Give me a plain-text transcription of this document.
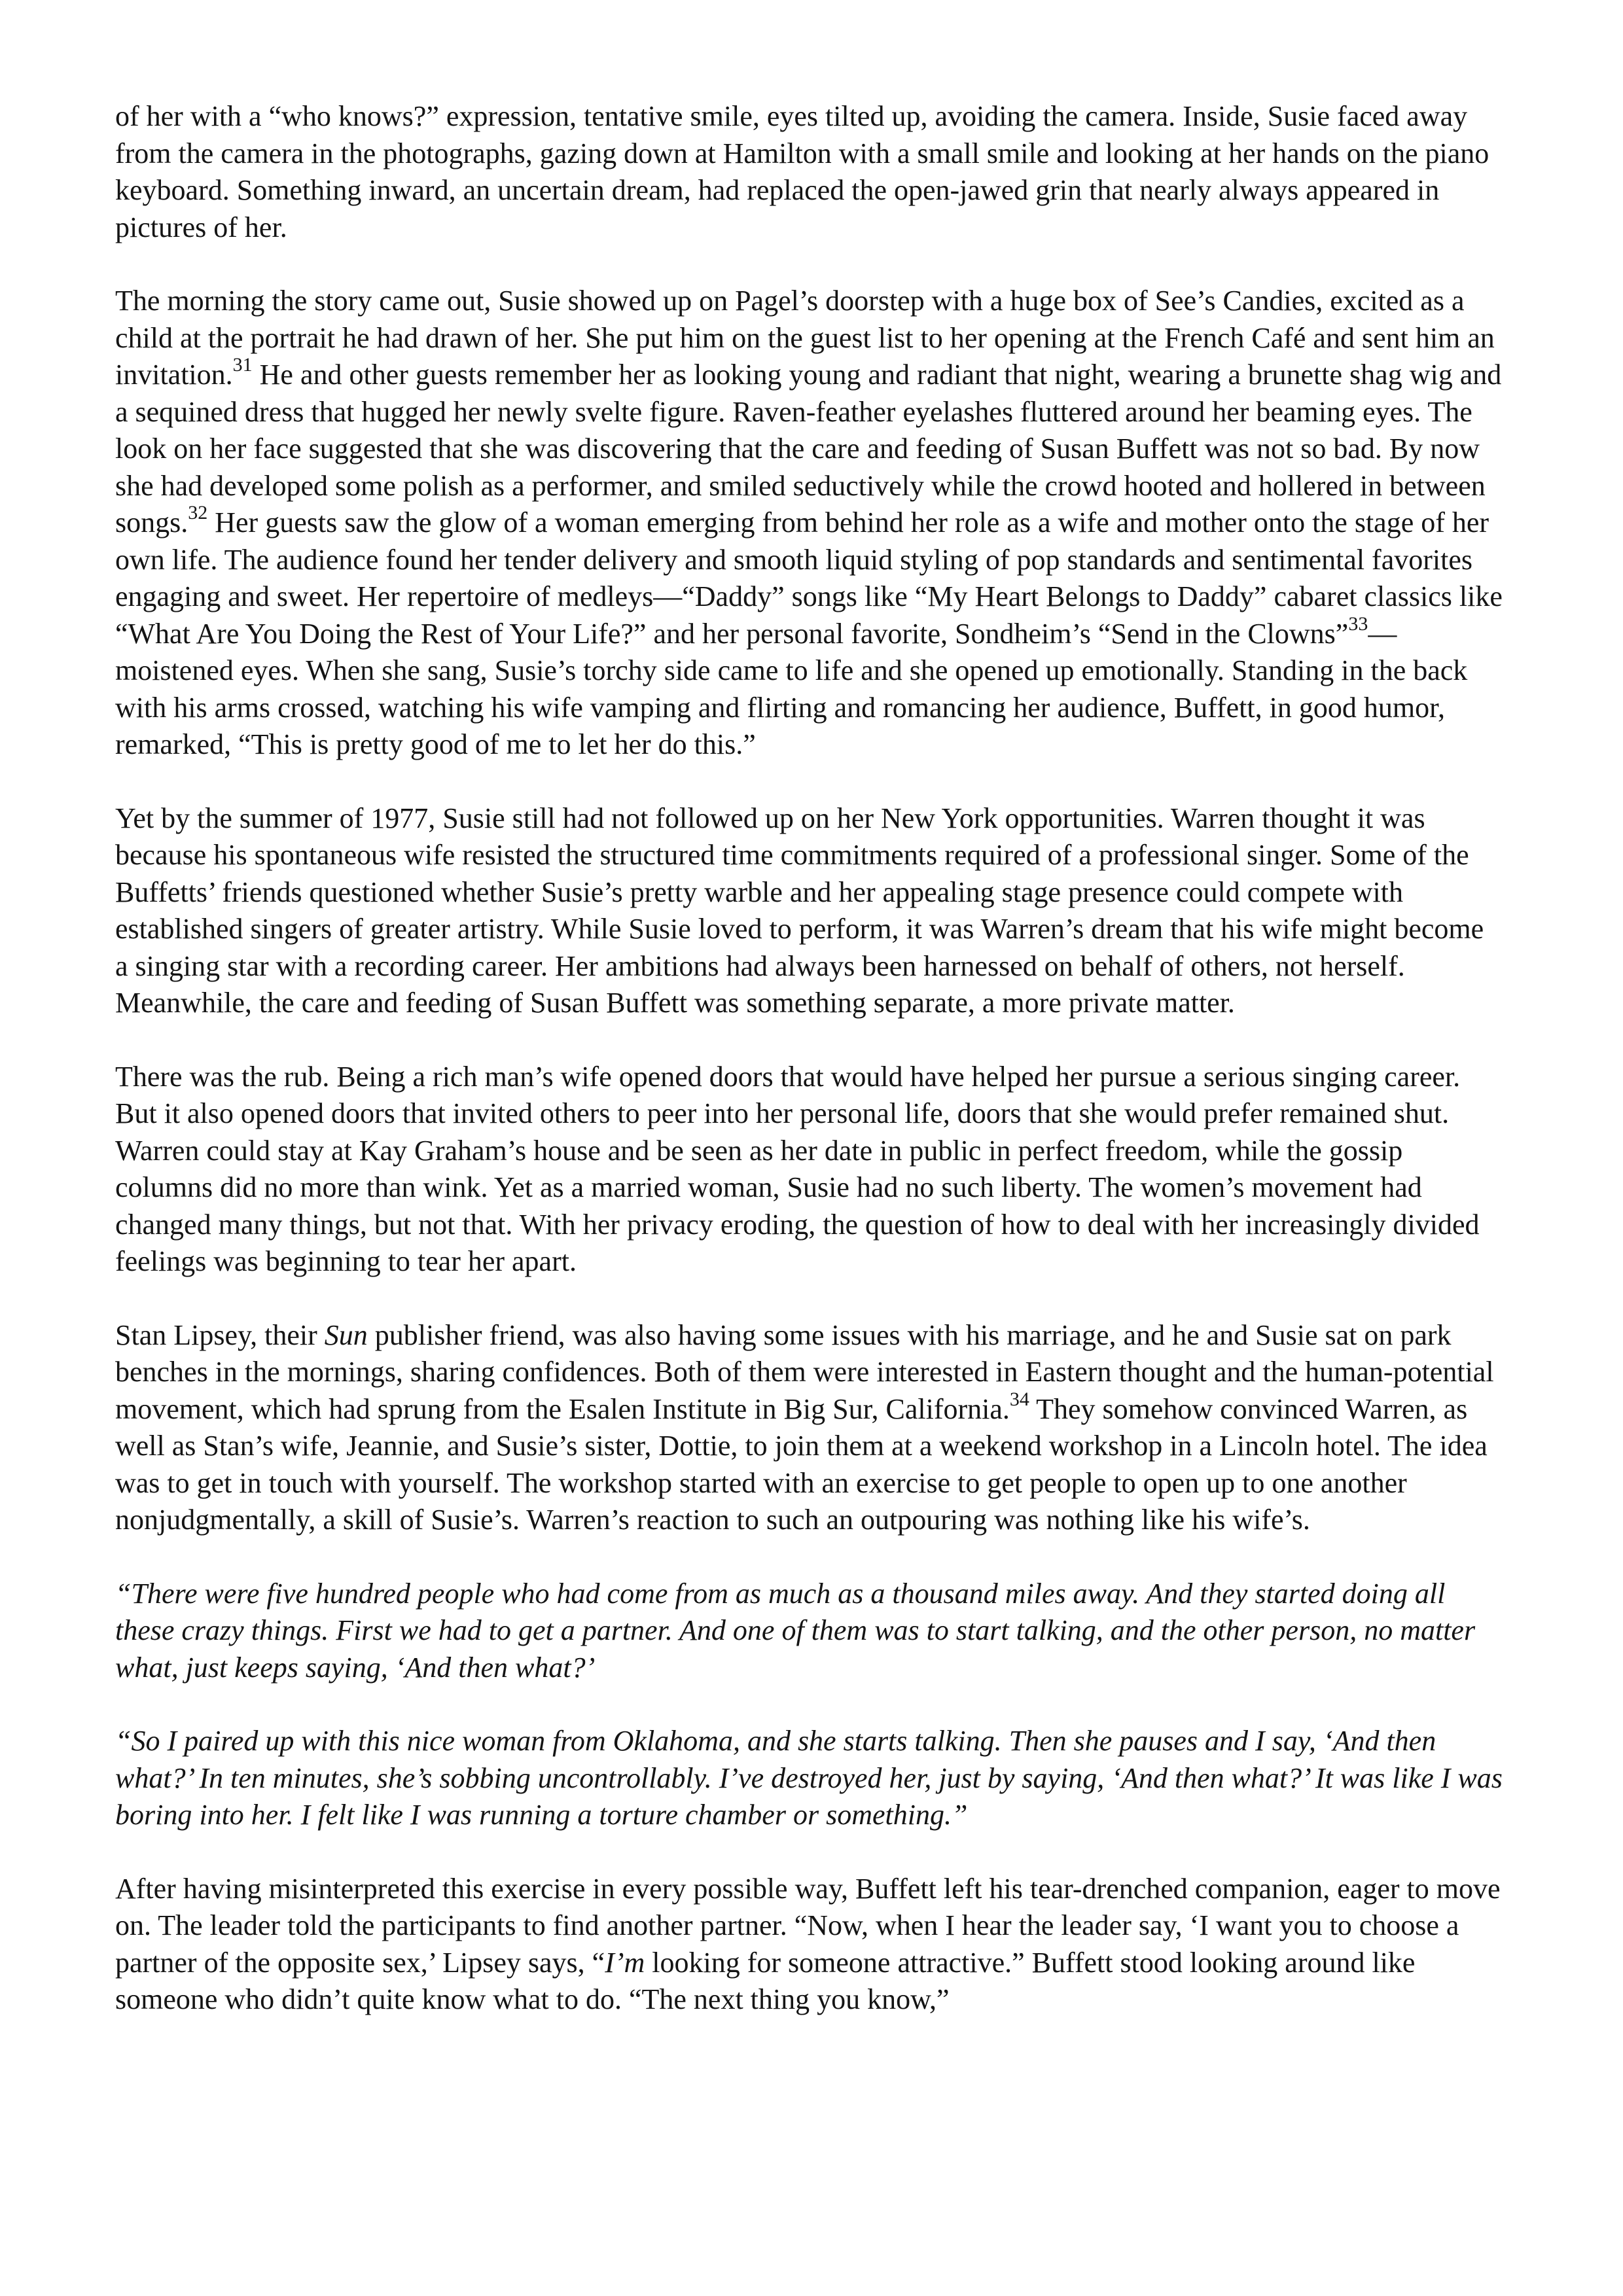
of her with a “who knows?” expression, tentative smile, eyes tilted up, avoiding the camera. Inside, Susie faced away from the camera in the photographs, gazing down at Hamilton with a small smile and looking at her hands on the piano keyboard. Something inward, an uncertain dream, had replaced the open-jawed grin that nearly always appeared in pictures of her.

The morning the story came out, Susie showed up on Pagel’s doorstep with a huge box of See’s Candies, excited as a child at the portrait he had drawn of her. She put him on the guest list to her opening at the French Café and sent him an invitation.$^{31}$ He and other guests remember her as looking young and radiant that night, wearing a brunette shag wig and a sequined dress that hugged her newly svelte figure. Raven-feather eyelashes fluttered around her beaming eyes. The look on her face suggested that she was discovering that the care and feeding of Susan Buffett was not so bad. By now she had developed some polish as a performer, and smiled seductively while the crowd hooted and hollered in between songs.$^{32}$ Her guests saw the glow of a woman emerging from behind her role as a wife and mother onto the stage of her own life. The audience found her tender delivery and smooth liquid styling of pop standards and sentimental favorites engaging and sweet. Her repertoire of medleys—“Daddy” songs like “My Heart Belongs to Daddy” cabaret classics like “What Are You Doing the Rest of Your Life?” and her personal favorite, Sondheim’s “Send in the Clowns”$^{33}$—moistened eyes. When she sang, Susie’s torchy side came to life and she opened up emotionally. Standing in the back with his arms crossed, watching his wife vamping and flirting and romancing her audience, Buffett, in good humor, remarked, “This is pretty good of me to let her do this.”

Yet by the summer of 1977, Susie still had not followed up on her New York opportunities. Warren thought it was because his spontaneous wife resisted the structured time commitments required of a professional singer. Some of the Buffetts’ friends questioned whether Susie’s pretty warble and her appealing stage presence could compete with established singers of greater artistry. While Susie loved to perform, it was Warren’s dream that his wife might become a singing star with a recording career. Her ambitions had always been harnessed on behalf of others, not herself. Meanwhile, the care and feeding of Susan Buffett was something separate, a more private matter.

There was the rub. Being a rich man’s wife opened doors that would have helped her pursue a serious singing career. But it also opened doors that invited others to peer into her personal life, doors that she would prefer remained shut. Warren could stay at Kay Graham’s house and be seen as her date in public in perfect freedom, while the gossip columns did no more than wink. Yet as a married woman, Susie had no such liberty. The women’s movement had changed many things, but not that. With her privacy eroding, the question of how to deal with her increasingly divided feelings was beginning to tear her apart.

Stan Lipsey, their Sun publisher friend, was also having some issues with his marriage, and he and Susie sat on park benches in the mornings, sharing confidences. Both of them were interested in Eastern thought and the human-potential movement, which had sprung from the Esalen Institute in Big Sur, California.$^{34}$ They somehow convinced Warren, as well as Stan’s wife, Jeannie, and Susie’s sister, Dottie, to join them at a weekend workshop in a Lincoln hotel. The idea was to get in touch with yourself. The workshop started with an exercise to get people to open up to one another nonjudgmentally, a skill of Susie’s. Warren’s reaction to such an outpouring was nothing like his wife’s.

“There were five hundred people who had come from as much as a thousand miles away. And they started doing all these crazy things. First we had to get a partner. And one of them was to start talking, and the other person, no matter what, just keeps saying, ‘And then what?’

“So I paired up with this nice woman from Oklahoma, and she starts talking. Then she pauses and I say, ‘And then what?’ In ten minutes, she’s sobbing uncontrollably. I’ve destroyed her, just by saying, ‘And then what?’ It was like I was boring into her. I felt like I was running a torture chamber or something.”

After having misinterpreted this exercise in every possible way, Buffett left his tear-drenched companion, eager to move on. The leader told the participants to find another partner. “Now, when I hear the leader say, ‘I want you to choose a partner of the opposite sex,’ Lipsey says, “I’m looking for someone attractive.” Buffett stood looking around like someone who didn’t quite know what to do. “The next thing you know,”
